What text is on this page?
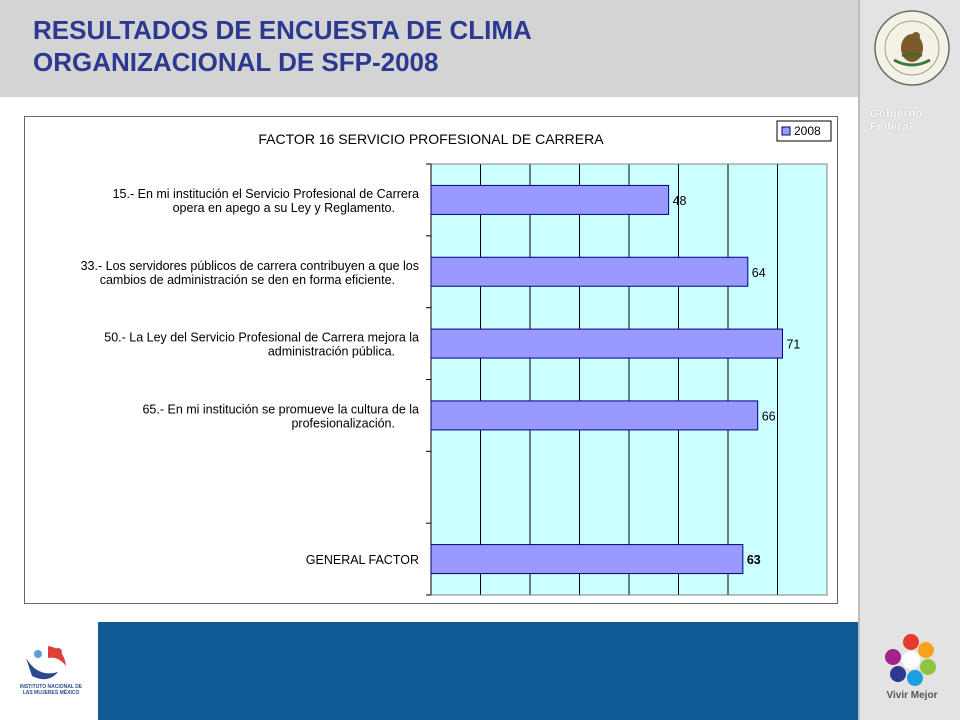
RESULTADOS DE ENCUESTA DE CLIMA
ORGANIZACIONAL DE SFP-2008
Gobierno
Federal
Vivir Mejor
INSTITUTO NACIONAL DE LAS MUJERES MÉXICO
FACTOR 16 SERVICIO PROFESIONAL DE CARRERA	2008
15.- En mi institución el Servicio Profesional de Carrera
opera en apego a su Ley y Reglamento.	48
33.- Los servidores públicos de carrera contribuyen a que los
cambios de administración se den en forma eficiente.	64
50.- La Ley del Servicio Profesional de Carrera mejora la
administración pública.	71
65.- En mi institución se promueve la cultura de la
profesionalización.	66
GENERAL FACTOR	63
